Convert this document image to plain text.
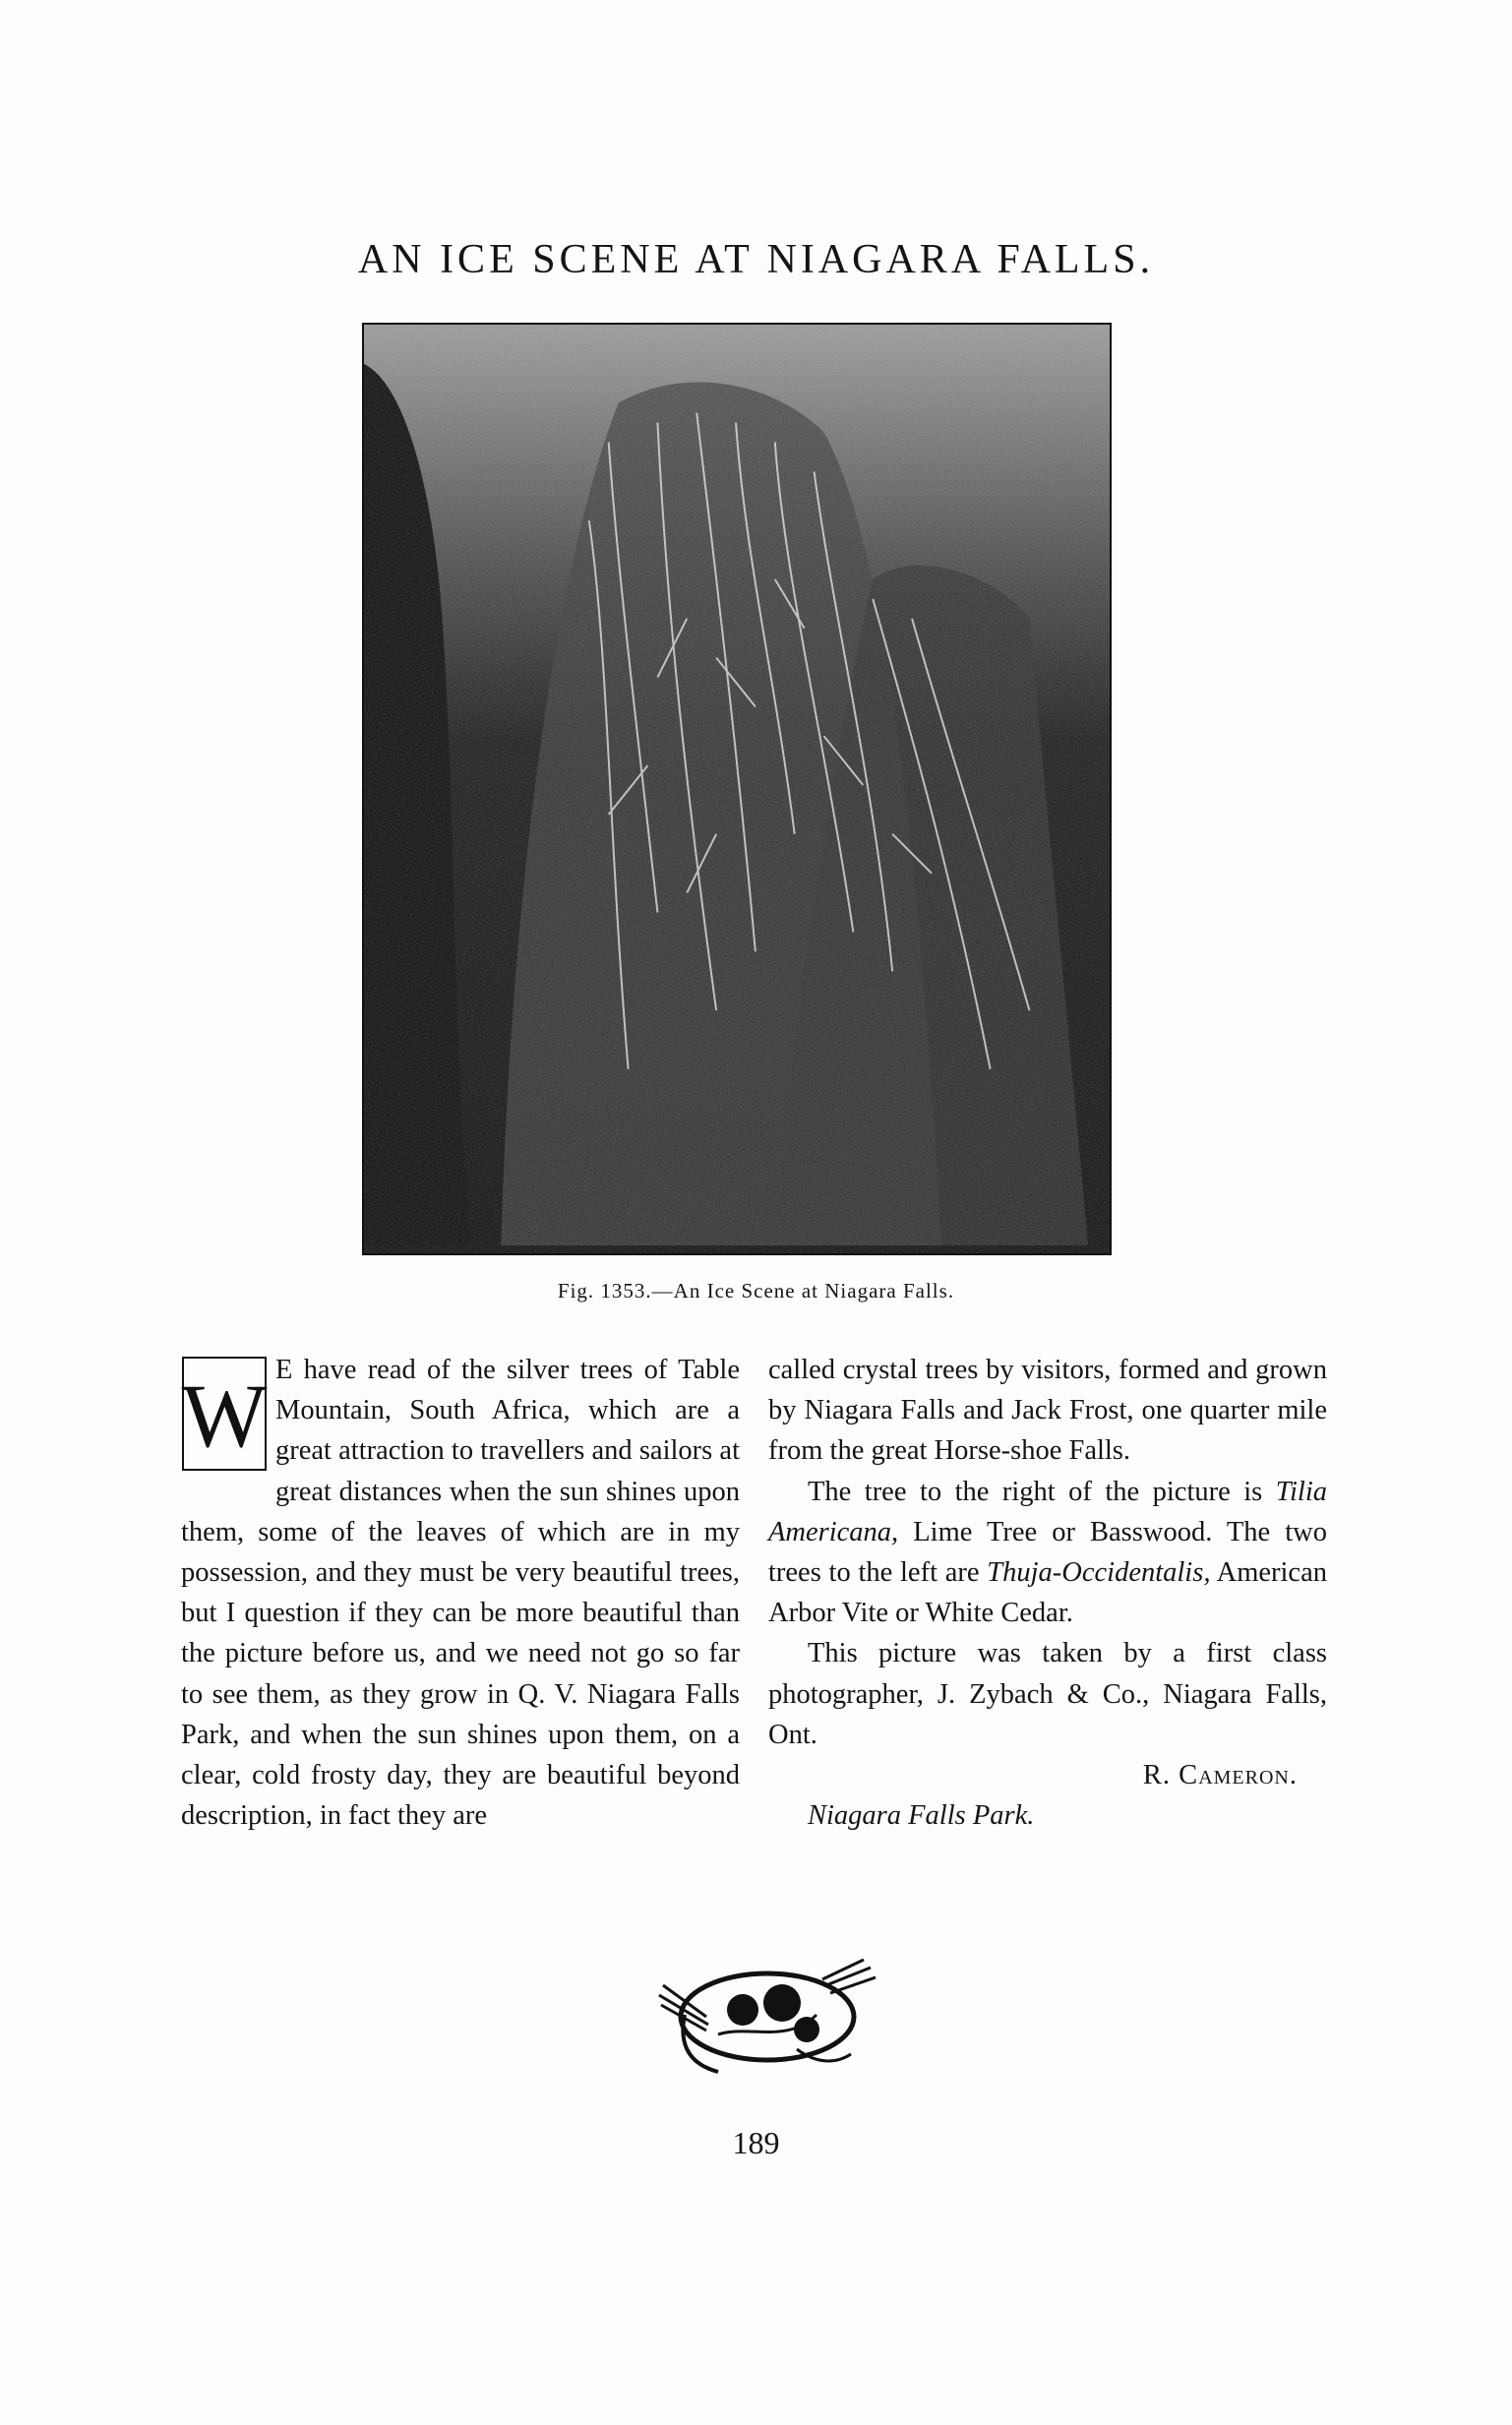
AN ICE SCENE AT NIAGARA FALLS.
Fig. 1353.—An Ice Scene at Niagara Falls.

W E have read of the silver trees of Table Mountain, South Africa, which are a great attraction to travellers and sailors at great distances when the sun shines upon them, some of the leaves of which are in my possession, and they must be very beautiful trees, but I question if they can be more beautiful than the picture before us, and we need not go so far to see them, as they grow in Q. V. Niagara Falls Park, and when the sun shines upon them, on a clear, cold frosty day, they are beautiful beyond description, in fact they are

called crystal trees by visitors, formed and grown by Niagara Falls and Jack Frost, one quarter mile from the great Horse-shoe Falls.

The tree to the right of the picture is Tilia Americana, Lime Tree or Basswood. The two trees to the left are Thuja-Occidentalis, American Arbor Vite or White Cedar.

This picture was taken by a first class photographer, J. Zybach & Co., Niagara Falls, Ont.

R. Cameron.

Niagara Falls Park.

189
